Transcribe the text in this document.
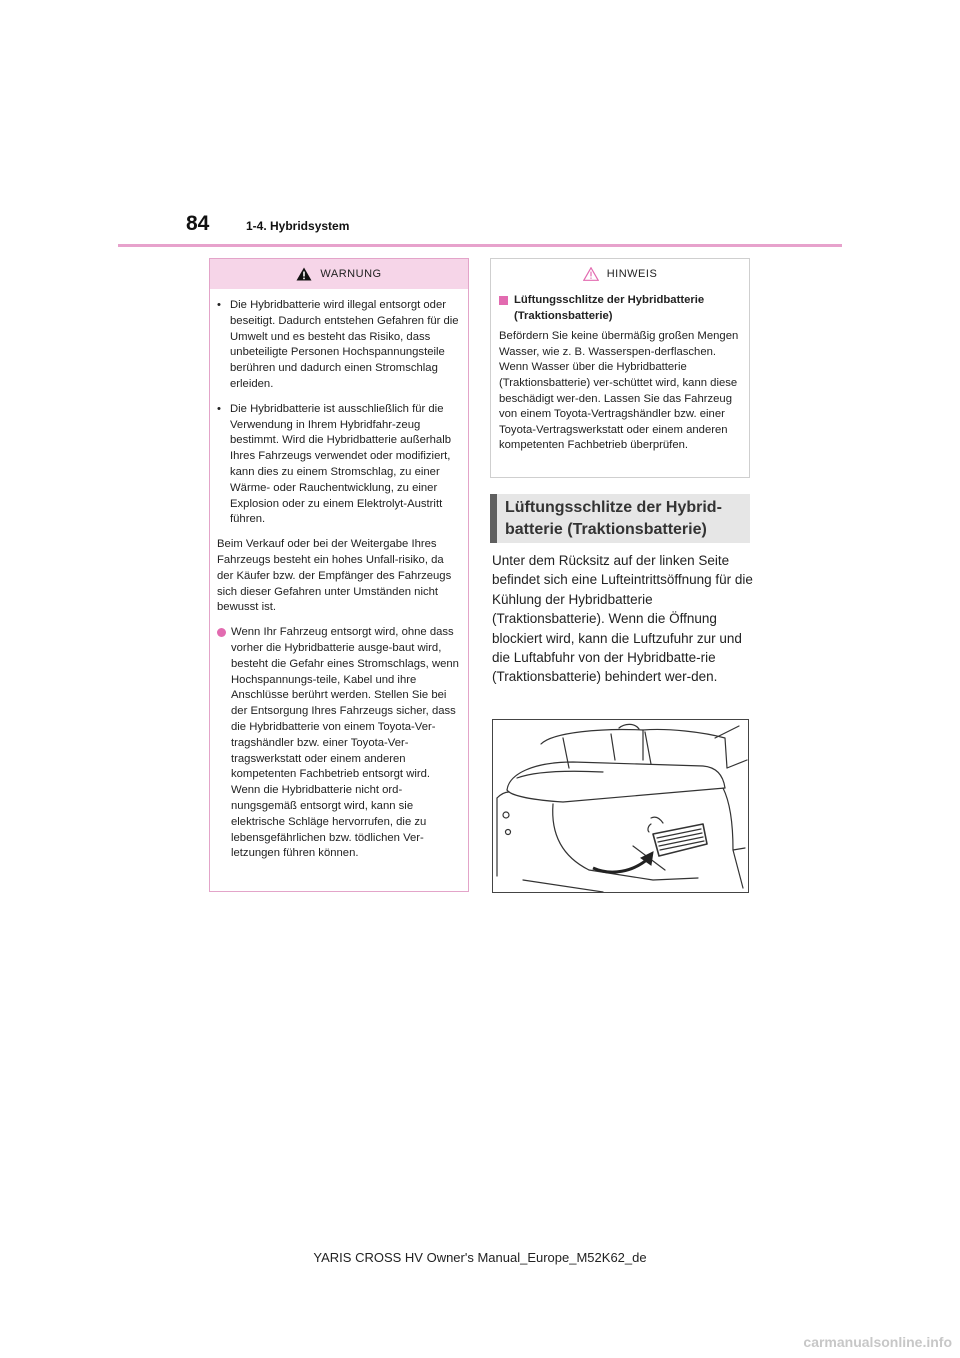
84	1-4. Hybridsystem
WARNUNG
• Die Hybridbatterie wird illegal entsorgt oder beseitigt. Dadurch entstehen Gefahren für die Umwelt und es besteht das Risiko, dass unbeteiligte Personen Hochspannungsteile berühren und dadurch einen Stromschlag erleiden.
• Die Hybridbatterie ist ausschließlich für die Verwendung in Ihrem Hybridfahr-zeug bestimmt. Wird die Hybridbatterie außerhalb Ihres Fahrzeugs verwendet oder modifiziert, kann dies zu einem Stromschlag, zu einer Wärme- oder Rauchentwicklung, zu einer Explosion oder zu einem Elektrolyt-Austritt führen.
Beim Verkauf oder bei der Weitergabe Ihres Fahrzeugs besteht ein hohes Unfall-risiko, da der Käufer bzw. der Empfänger des Fahrzeugs sich dieser Gefahren unter Umständen nicht bewusst ist.
Wenn Ihr Fahrzeug entsorgt wird, ohne dass vorher die Hybridbatterie ausge-baut wird, besteht die Gefahr eines Stromschlags, wenn Hochspannungs-teile, Kabel und ihre Anschlüsse berührt werden. Stellen Sie bei der Entsorgung Ihres Fahrzeugs sicher, dass die Hybridbatterie von einem Toyota-Ver-tragshändler bzw. einer Toyota-Ver-tragswerkstatt oder einem anderen kompetenten Fachbetrieb entsorgt wird. Wenn die Hybridbatterie nicht ord-nungsgemäß entsorgt wird, kann sie elektrische Schläge hervorrufen, die zu lebensgefährlichen bzw. tödlichen Ver-letzungen führen können.
HINWEIS
Lüftungsschlitze der Hybridbatterie (Traktionsbatterie)
Befördern Sie keine übermäßig großen Mengen Wasser, wie z. B. Wasserspen-derflaschen. Wenn Wasser über die Hybridbatterie (Traktionsbatterie) ver-schüttet wird, kann diese beschädigt wer-den. Lassen Sie das Fahrzeug von einem Toyota-Vertragshändler bzw. einer Toyota-Vertragswerkstatt oder einem anderen kompetenten Fachbetrieb überprüfen.
Lüftungsschlitze der Hybrid-batterie (Traktionsbatterie)
Unter dem Rücksitz auf der linken Seite befindet sich eine Lufteintrittsöffnung für die Kühlung der Hybridbatterie (Traktionsbatterie). Wenn die Öffnung blockiert wird, kann die Luftzufuhr zur und die Luftabfuhr von der Hybridbatte-rie (Traktionsbatterie) behindert wer-den.
YARIS CROSS HV Owner's Manual_Europe_M52K62_de
carmanualsonline.info
